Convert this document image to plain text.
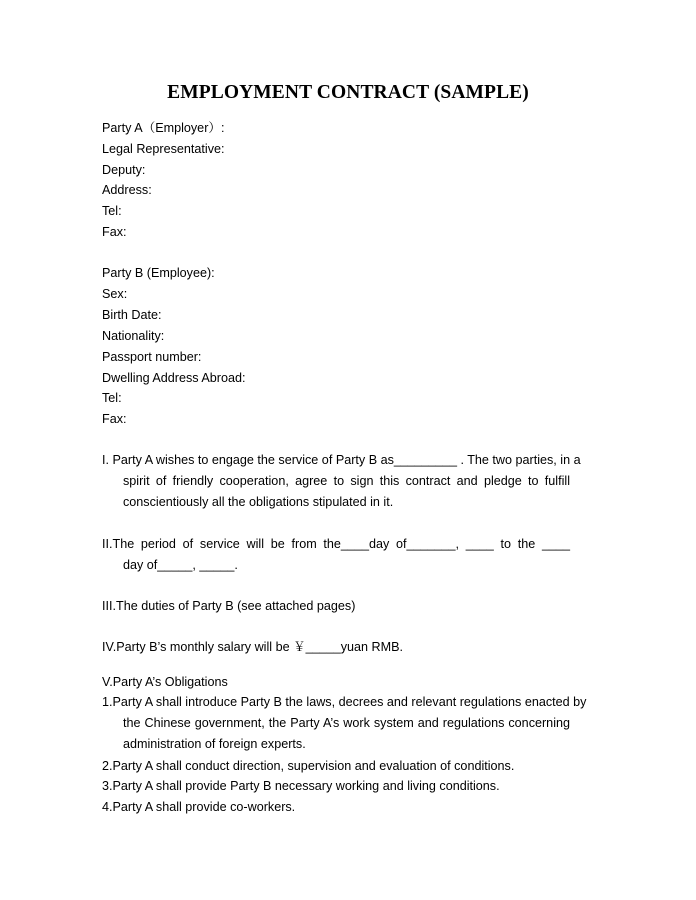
EMPLOYMENT CONTRACT (SAMPLE)
Party A（Employer）:
Legal Representative:
Deputy:
Address:
Tel:
Fax:
Party B (Employee):
Sex:
Birth Date:
Nationality:
Passport number:
Dwelling Address Abroad:
Tel:
Fax:
I. Party A wishes to engage the service of Party B as_________ . The two parties, in a
spirit of friendly cooperation, agree to sign this contract and pledge to fulfill
conscientiously all the obligations stipulated in it.
II.The period of service will be from the____day of_______, ____ to the ____
day of_____, _____.
III.The duties of Party B (see attached pages)
IV.Party B’s monthly salary will be ￥_____yuan RMB.
V.Party A’s Obligations
1.Party A shall introduce Party B the laws, decrees and relevant regulations enacted by
the Chinese government, the Party A’s work system and regulations concerning
administration of foreign experts.
2.Party A shall conduct direction, supervision and evaluation of conditions.
3.Party A shall provide Party B necessary working and living conditions.
4.Party A shall provide co-workers.
